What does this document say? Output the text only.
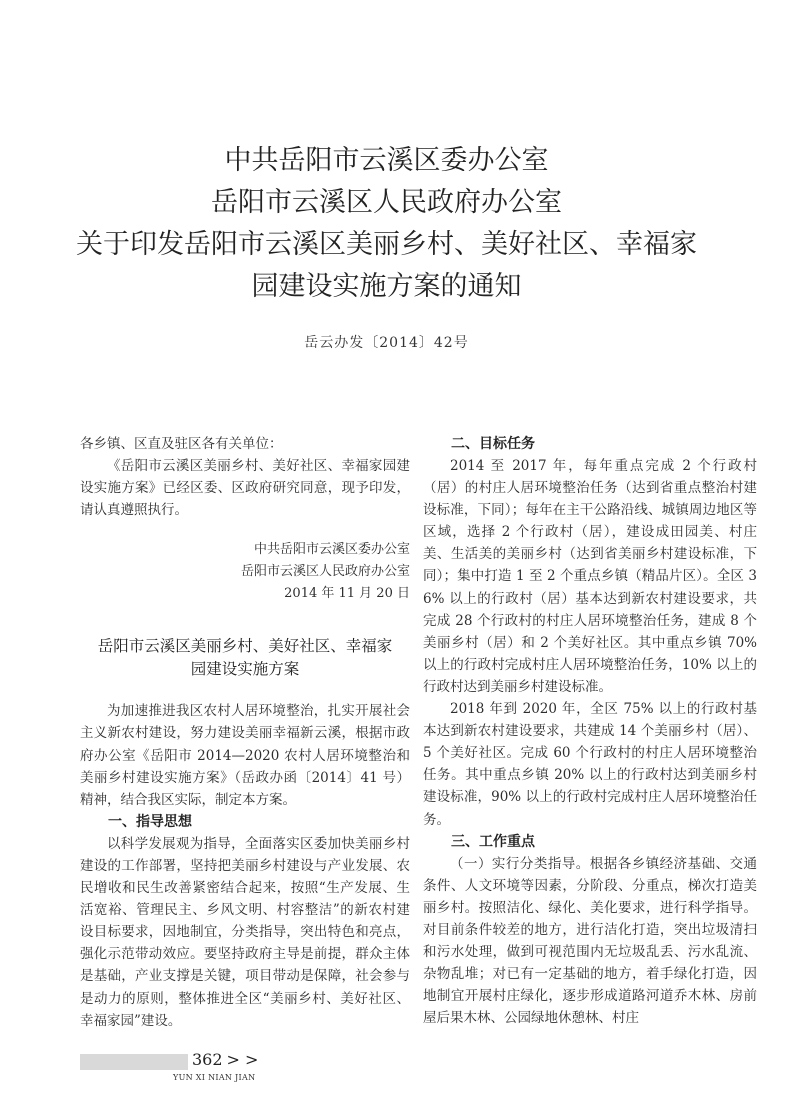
中共岳阳市云溪区委办公室
岳阳市云溪区人民政府办公室
关于印发岳阳市云溪区美丽乡村、美好社区、幸福家
园建设实施方案的通知
岳云办发〔2014〕42号

各乡镇、区直及驻区各有关单位：

《岳阳市云溪区美丽乡村、美好社区、幸福家园建设实施方案》已经区委、区政府研究同意，现予印发，请认真遵照执行。

中共岳阳市云溪区委办公室

岳阳市云溪区人民政府办公室

2014 年 11 月 20 日

岳阳市云溪区美丽乡村、美好社区、幸福家
园建设实施方案

为加速推进我区农村人居环境整治，扎实开展社会主义新农村建设，努力建设美丽幸福新云溪，根据市政府办公室《岳阳市 2014—2020 农村人居环境整治和美丽乡村建设实施方案》（岳政办函〔2014〕41 号）精神，结合我区实际，制定本方案。

一、指导思想

以科学发展观为指导，全面落实区委加快美丽乡村建设的工作部署，坚持把美丽乡村建设与产业发展、农民增收和民生改善紧密结合起来，按照“生产发展、生活宽裕、管理民主、乡风文明、村容整洁”的新农村建设目标要求，因地制宜，分类指导，突出特色和亮点，强化示范带动效应。要坚持政府主导是前提，群众主体是基础，产业支撑是关键，项目带动是保障，社会参与是动力的原则，整体推进全区“美丽乡村、美好社区、幸福家园”建设。

二、目标任务

2014 至 2017 年，每年重点完成 2 个行政村（居）的村庄人居环境整治任务（达到省重点整治村建设标准，下同）；每年在主干公路沿线、城镇周边地区等区域，选择 2 个行政村（居），建设成田园美、村庄美、生活美的美丽乡村（达到省美丽乡村建设标准，下同）；集中打造 1 至 2 个重点乡镇（精品片区）。全区 36% 以上的行政村（居）基本达到新农村建设要求，共完成 28 个行政村的村庄人居环境整治任务，建成 8 个美丽乡村（居）和 2 个美好社区。其中重点乡镇 70% 以上的行政村完成村庄人居环境整治任务，10% 以上的行政村达到美丽乡村建设标准。

2018 年到 2020 年，全区 75% 以上的行政村基本达到新农村建设要求，共建成 14 个美丽乡村（居）、5 个美好社区。完成 60 个行政村的村庄人居环境整治任务。其中重点乡镇 20% 以上的行政村达到美丽乡村建设标准，90% 以上的行政村完成村庄人居环境整治任务。

三、工作重点

（一）实行分类指导。根据各乡镇经济基础、交通条件、人文环境等因素，分阶段、分重点，梯次打造美丽乡村。按照洁化、绿化、美化要求，进行科学指导。对目前条件较差的地方，进行洁化打造，突出垃圾清扫和污水处理，做到可视范围内无垃圾乱丢、污水乱流、杂物乱堆；对已有一定基础的地方，着手绿化打造，因地制宜开展村庄绿化，逐步形成道路河道乔木林、房前屋后果木林、公园绿地休憩林、村庄

362 > >
YUN XI NIAN JIAN
